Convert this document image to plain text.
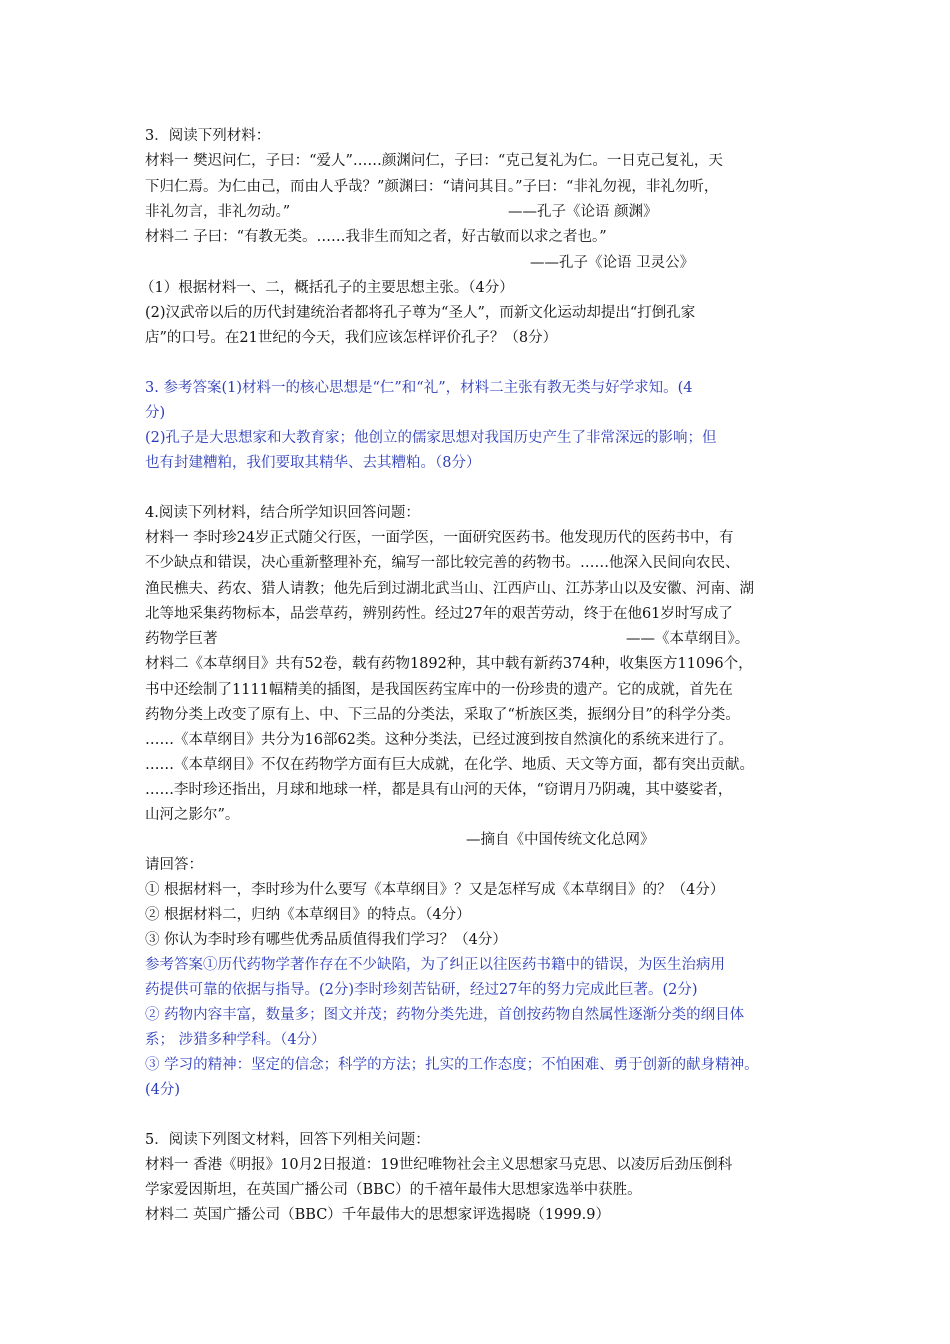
3．阅读下列材料：
材料一 樊迟问仁，子曰：“爱人”……颜渊问仁，子曰：“克己复礼为仁。一日克己复礼，天
下归仁焉。为仁由己，而由人乎哉？”颜渊曰：“请问其目。”子曰：“非礼勿视，非礼勿听，
非礼勿言，非礼勿动。”	——孔子《论语 颜渊》
材料二 子曰：“有教无类。……我非生而知之者，好古敏而以求之者也。”
——孔子《论语 卫灵公》
（1）根据材料一、二，概括孔子的主要思想主张。（4分）
(2)汉武帝以后的历代封建统治者都将孔子尊为“圣人”，而新文化运动却提出“打倒孔家
店”的口号。在21世纪的今天，我们应该怎样评价孔子？（8分）
3. 参考答案(1)材料一的核心思想是“仁”和“礼”，材料二主张有教无类与好学求知。(4
分)
(2)孔子是大思想家和大教育家；他创立的儒家思想对我国历史产生了非常深远的影响；但
也有封建糟粕，我们要取其精华、去其糟粕。（8分）
4.阅读下列材料，结合所学知识回答问题：
材料一 李时珍24岁正式随父行医，一面学医，一面研究医药书。他发现历代的医药书中，有
不少缺点和错误，决心重新整理补充，编写一部比较完善的药物书。……他深入民间向农民、
渔民樵夫、药农、猎人请教；他先后到过湖北武当山、江西庐山、江苏茅山以及安徽、河南、湖
北等地采集药物标本，品尝草药，辨别药性。经过27年的艰苦劳动，终于在他61岁时写成了
药物学巨著	——《本草纲目》。
材料二《本草纲目》共有52卷，载有药物1892种，其中载有新药374种，收集医方11096个，
书中还绘制了1111幅精美的插图，是我国医药宝库中的一份珍贵的遗产。它的成就，首先在
药物分类上改变了原有上、中、下三品的分类法，采取了“析族区类，振纲分目”的科学分类。
……《本草纲目》共分为16部62类。这种分类法，已经过渡到按自然演化的系统来进行了。
……《本草纲目》不仅在药物学方面有巨大成就，在化学、地质、天文等方面，都有突出贡献。
……李时珍还指出，月球和地球一样，都是具有山河的天体，“窃谓月乃阴魂，其中婆娑者，
山河之影尔”。
—摘自《中国传统文化总网》
请回答：
① 根据材料一，李时珍为什么要写《本草纲目》？又是怎样写成《本草纲目》的？（4分）
② 根据材料二，归纳《本草纲目》的特点。（4分）
③ 你认为李时珍有哪些优秀品质值得我们学习？（4分）
参考答案①历代药物学著作存在不少缺陷，为了纠正以往医药书籍中的错误，为医生治病用
药提供可靠的依据与指导。(2分)李时珍刻苦钻研，经过27年的努力完成此巨著。(2分)
② 药物内容丰富，数量多；图文并茂；药物分类先进，首创按药物自然属性逐渐分类的纲目体
系； 涉猎多种学科。（4分）
③ 学习的精神：坚定的信念；科学的方法；扎实的工作态度；不怕困难、勇于创新的献身精神。
(4分)
5．阅读下列图文材料，回答下列相关问题：
材料一 香港《明报》10月2日报道：19世纪唯物社会主义思想家马克思、以凌厉后劲压倒科
学家爱因斯坦，在英国广播公司（BBC）的千禧年最伟大思想家选举中获胜。
材料二 英国广播公司（BBC）千年最伟大的思想家评选揭晓（1999.9）
